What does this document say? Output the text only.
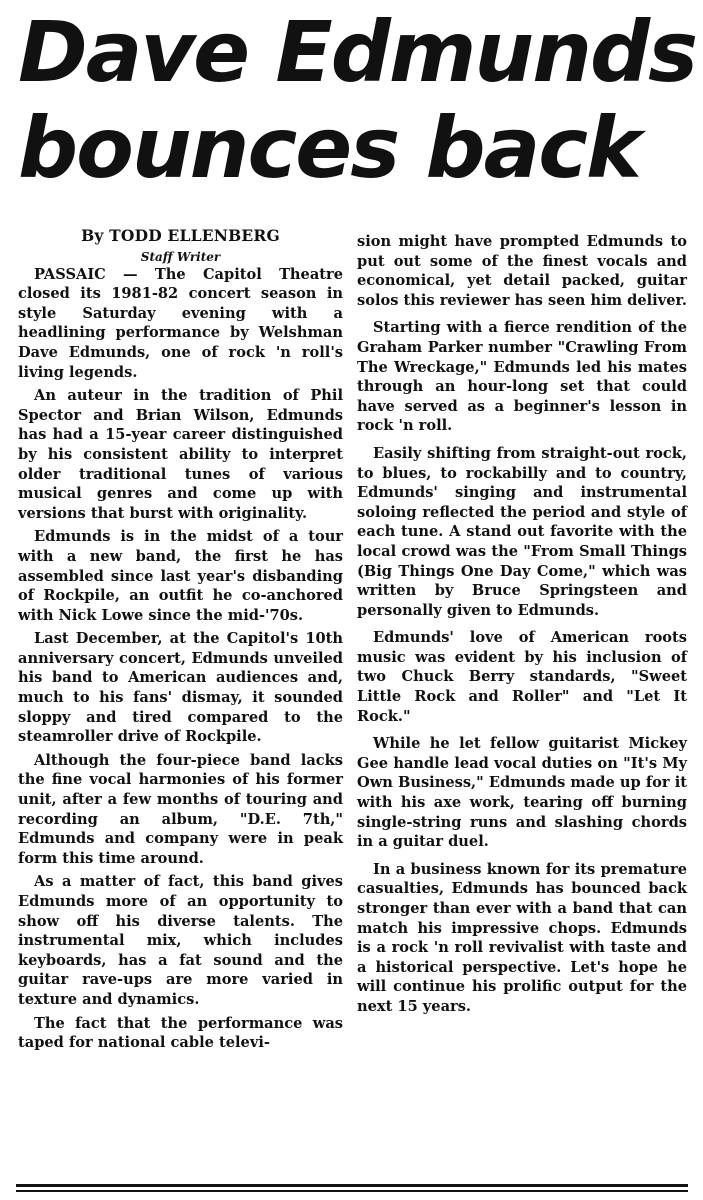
Dave Edmunds
bounces back
By TODD ELLENBERG
Staff Writer

PASSAIC — The Capitol Theatre closed its 1981-82 concert season in style Saturday evening with a headlining performance by Welshman Dave Edmunds, one of rock 'n roll's living legends.

An auteur in the tradition of Phil Spector and Brian Wilson, Edmunds has had a 15-year career distinguished by his consistent ability to interpret older traditional tunes of various musical genres and come up with versions that burst with originality.

Edmunds is in the midst of a tour with a new band, the first he has assembled since last year's disbanding of Rockpile, an outfit he co-anchored with Nick Lowe since the mid-'70s.

Last December, at the Capitol's 10th anniversary concert, Edmunds unveiled his band to American audiences and, much to his fans' dismay, it sounded sloppy and tired compared to the steamroller drive of Rockpile.

Although the four-piece band lacks the fine vocal harmonies of his former unit, after a few months of touring and recording an album, "D.E. 7th," Edmunds and company were in peak form this time around.

As a matter of fact, this band gives Edmunds more of an opportunity to show off his diverse talents. The instrumental mix, which includes keyboards, has a fat sound and the guitar rave-ups are more varied in texture and dynamics.

The fact that the performance was taped for national cable televi-

sion might have prompted Edmunds to put out some of the finest vocals and economical, yet detail packed, guitar solos this reviewer has seen him deliver.

Starting with a fierce rendition of the Graham Parker number "Crawling From The Wreckage," Edmunds led his mates through an hour-long set that could have served as a beginner's lesson in rock 'n roll.

Easily shifting from straight-out rock, to blues, to rockabilly and to country, Edmunds' singing and instrumental soloing reflected the period and style of each tune. A stand out favorite with the local crowd was the "From Small Things (Big Things One Day Come," which was written by Bruce Springsteen and personally given to Edmunds.

Edmunds' love of American roots music was evident by his inclusion of two Chuck Berry standards, "Sweet Little Rock and Roller" and "Let It Rock."

While he let fellow guitarist Mickey Gee handle lead vocal duties on "It's My Own Business," Edmunds made up for it with his axe work, tearing off burning single-string runs and slashing chords in a guitar duel.

In a business known for its premature casualties, Edmunds has bounced back stronger than ever with a band that can match his impressive chops. Edmunds is a rock 'n roll revivalist with taste and a historical perspective. Let's hope he will continue his prolific output for the next 15 years.
